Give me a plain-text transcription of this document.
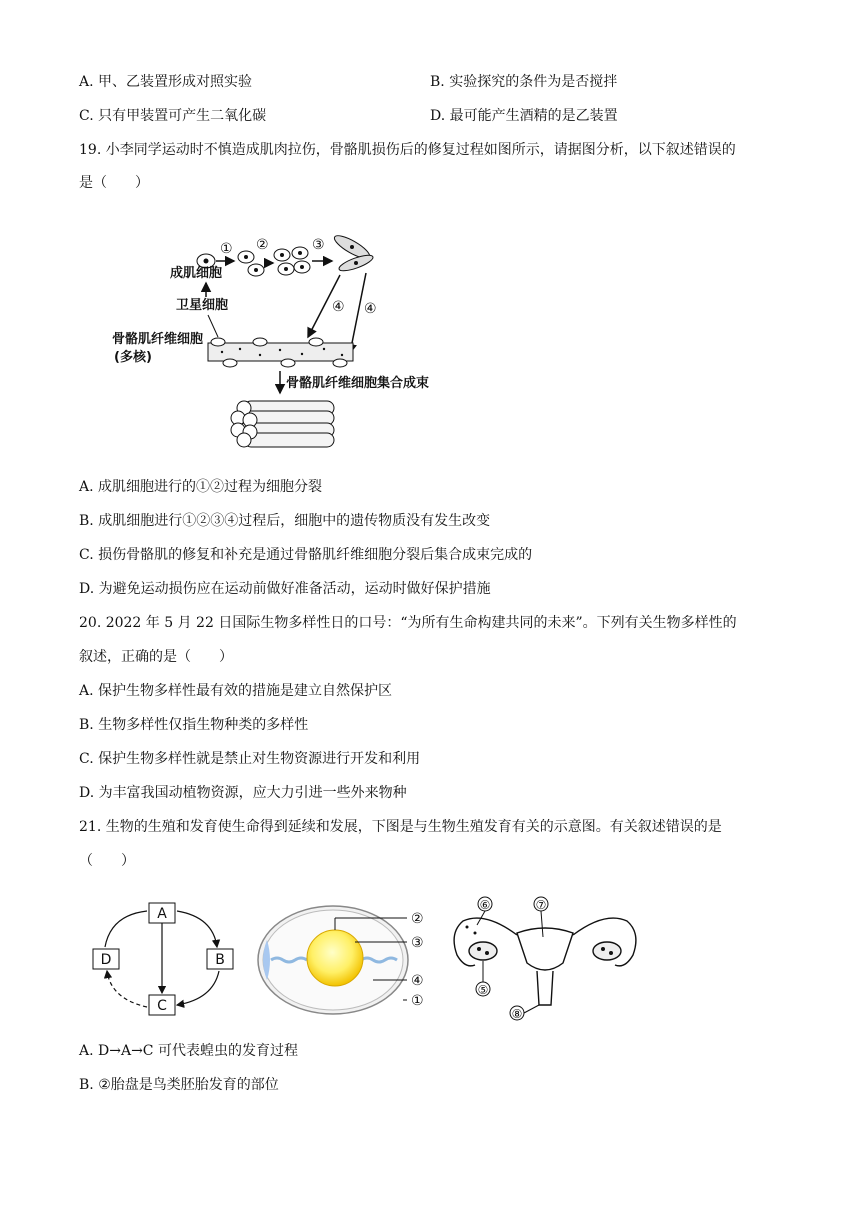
A. 甲、乙装置形成对照实验	B. 实验探究的条件为是否搅拌
C. 只有甲装置可产生二氧化碳	D. 最可能产生酒精的是乙装置
19. 小李同学运动时不慎造成肌肉拉伤，骨骼肌损伤后的修复过程如图所示，请据图分析，以下叙述错误的
是（　　）
① ②	③
④ ④
成肌细胞
卫星细胞
骨骼肌纤维细胞
(多核)
骨骼肌纤维细胞集合成束
A. 成肌细胞进行的①②过程为细胞分裂
B. 成肌细胞进行①②③④过程后，细胞中的遗传物质没有发生改变
C. 损伤骨骼肌的修复和补充是通过骨骼肌纤维细胞分裂后集合成束完成的
D. 为避免运动损伤应在运动前做好准备活动，运动时做好保护措施
20. 2022 年 5 月 22 日国际生物多样性日的口号：“为所有生命构建共同的未来”。下列有关生物多样性的
叙述，正确的是（　　）
A. 保护生物多样性最有效的措施是建立自然保护区
B. 生物多样性仅指生物种类的多样性
C. 保护生物多样性就是禁止对生物资源进行开发和利用
D. 为丰富我国动植物资源，应大力引进一些外来物种
21. 生物的生殖和发育使生命得到延续和发展，下图是与生物生殖发育有关的示意图。有关叙述错误的是
（　　）
A
D	B
C
②
③
④
①
⑥	⑦
⑤
⑧
A. D→A→C 可代表蝗虫的发育过程
B. ②胎盘是鸟类胚胎发育的部位
